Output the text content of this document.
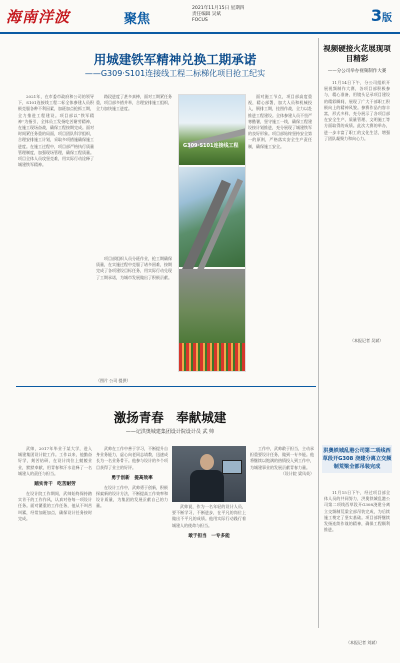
海南洋波	聚焦
2021年11月15日 星期四
责任编辑 吴斌
FOCUS	3版
用城建铁军精神兑换工期承诺
——G309·S101连接线工程二标梯化项目抢工纪实
2021年，在市委市政府和公司的领导下，S101连接线工程二标全体参建人员积极克服各种不利因素，加班加点抢抓工期，全力推进工程建设。项目部以“铁军精神”为指引，全体员工发扬吃苦耐劳精神，在施工现场奋战，确保工程按期完成。面对时间紧任务重的局面，项目团队科学组织，合理安排施工计划，采取多项措施确保施工进度。在施工过程中，项目部严格执行质量管理制度，加强现场管理，确保工程质量。项目全体人员攻坚克难，用实际行动诠释了城建铁军精神。
路段进度了甚多真棒，面对工期紧任务重，项目部多措并举，合理安排施工组织，全力加快施工进度。
项目部组织人员分班作业，抢工期确保质量，在实施过程中克服了诸多困难，按期完成了各项建设目标任务，用实际行动兑现了工期承诺，为城市发展做出了积极贡献。
（图片 公司 提供）
面对施工节点，项目部高度重视，精心部署，加大人员和机械投入，倒排工期，挂图作战，全力以赴推进工程建设。全体参建人员不畏严寒酷暑，坚守施工一线，确保工程建设按计划推进，充分展现了城建铁军的良好形象。项目部始终坚持安全第一的原则，严格落实安全生产责任制，确保施工安全。
G309·S101连接线工程
视频硬接火花展现项目精彩
——分公司举办视频制作大赛
11月14日下午，分公司组织开展视频制作大赛，各项目部积极参与，精心准备，用镜头记录项目建设的精彩瞬间，展现了广大干部职工积极向上的精神风貌。参赛作品内容丰富，形式多样，充分展示了各项目部在安全生产、质量管理、文明施工等方面取得的成绩。此次大赛的举办，进一步丰富了职工的文化生活，增强了团队凝聚力和向心力。
（本报记者 吴斌）
洪奥铁城乱港公司第二项线西草段开G308 浇建分离立交频制荒梁全部吊装完成
11月15日下午，经过项目部全体人员的共同努力，洪奥铁城乱港公司第二项线西草段开G308浇建分离立交频制荒梁全部吊装完成，为后续施工奠定了坚实基础。项目部将继续发扬连续作战的精神，确保工程顺利推进。
（本报记者 刘斌）
激扬青春　奉献城建
——记洪奥城建集团设计院设计员 武 帅

武帅，2017年毕业于某大学，进入城建集团设计院工作。工作以来，他勤奋好学，刻苦钻研，在设计岗位上兢兢业业，默默奉献，用青春和汗水诠释了一名城建人的责任与担当。

踏实肯干　吃苦耐劳

在设计院工作期间，武帅始终保持踏实肯干的工作作风，认真对待每一项设计任务。面对繁重的工作任务，他从不叫苦叫累，经常加班加点，确保设计任务按时完成。

武帅在工作中善于学习，不断提升自身业务能力，虚心向老同志请教，迅速成长为一名业务骨干。他参与设计的多个项目获得了业主的好评。

勇于创新　提高效率

在设计工作中，武帅勇于创新，积极探索新的设计方法，不断提高工作效率和设计质量，为集团的发展贡献自己的力量。	武帅说，作为一名年轻的设计人员，要不断学习，不断进步，在平凡的岗位上做出不平凡的成绩。他用实际行动践行着城建人的使命与担当。

敢于担当　一专多能

工作中，武帅敢于担当，主动承担重要设计任务，做到一专多能。他将继续以饱满的热情投入到工作中，为城建事业的发展贡献青春力量。

（设计院 梁凤英）
